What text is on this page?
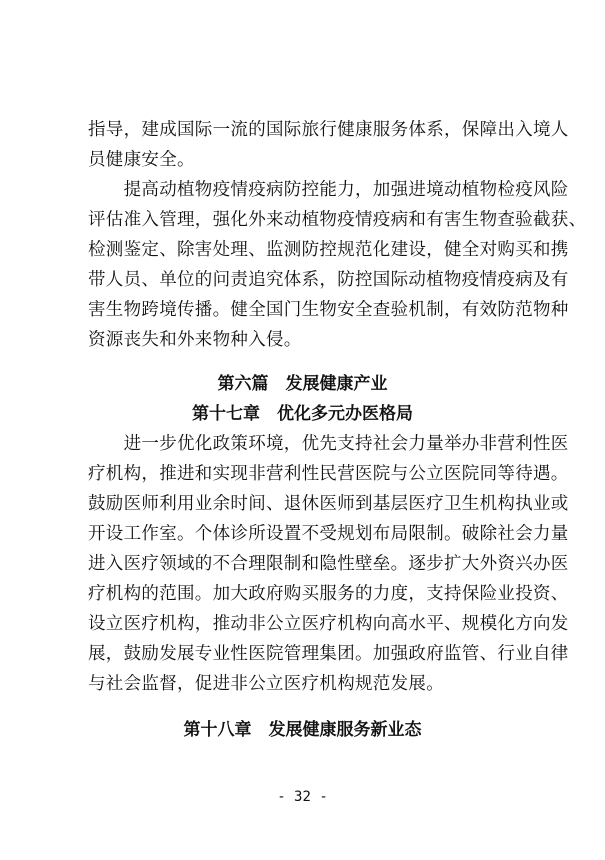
指导，建成国际一流的国际旅行健康服务体系，保障出入境人
员健康安全。
　　提高动植物疫情疫病防控能力，加强进境动植物检疫风险
评估准入管理，强化外来动植物疫情疫病和有害生物查验截获、
检测鉴定、除害处理、监测防控规范化建设，健全对购买和携
带人员、单位的问责追究体系，防控国际动植物疫情疫病及有
害生物跨境传播。健全国门生物安全查验机制，有效防范物种
资源丧失和外来物种入侵。
第六篇　发展健康产业
第十七章　优化多元办医格局
　　进一步优化政策环境，优先支持社会力量举办非营利性医
疗机构，推进和实现非营利性民营医院与公立医院同等待遇。
鼓励医师利用业余时间、退休医师到基层医疗卫生机构执业或
开设工作室。个体诊所设置不受规划布局限制。破除社会力量
进入医疗领域的不合理限制和隐性壁垒。逐步扩大外资兴办医
疗机构的范围。加大政府购买服务的力度，支持保险业投资、
设立医疗机构，推动非公立医疗机构向高水平、规模化方向发
展，鼓励发展专业性医院管理集团。加强政府监管、行业自律
与社会监督，促进非公立医疗机构规范发展。
第十八章　发展健康服务新业态
- 32 -
